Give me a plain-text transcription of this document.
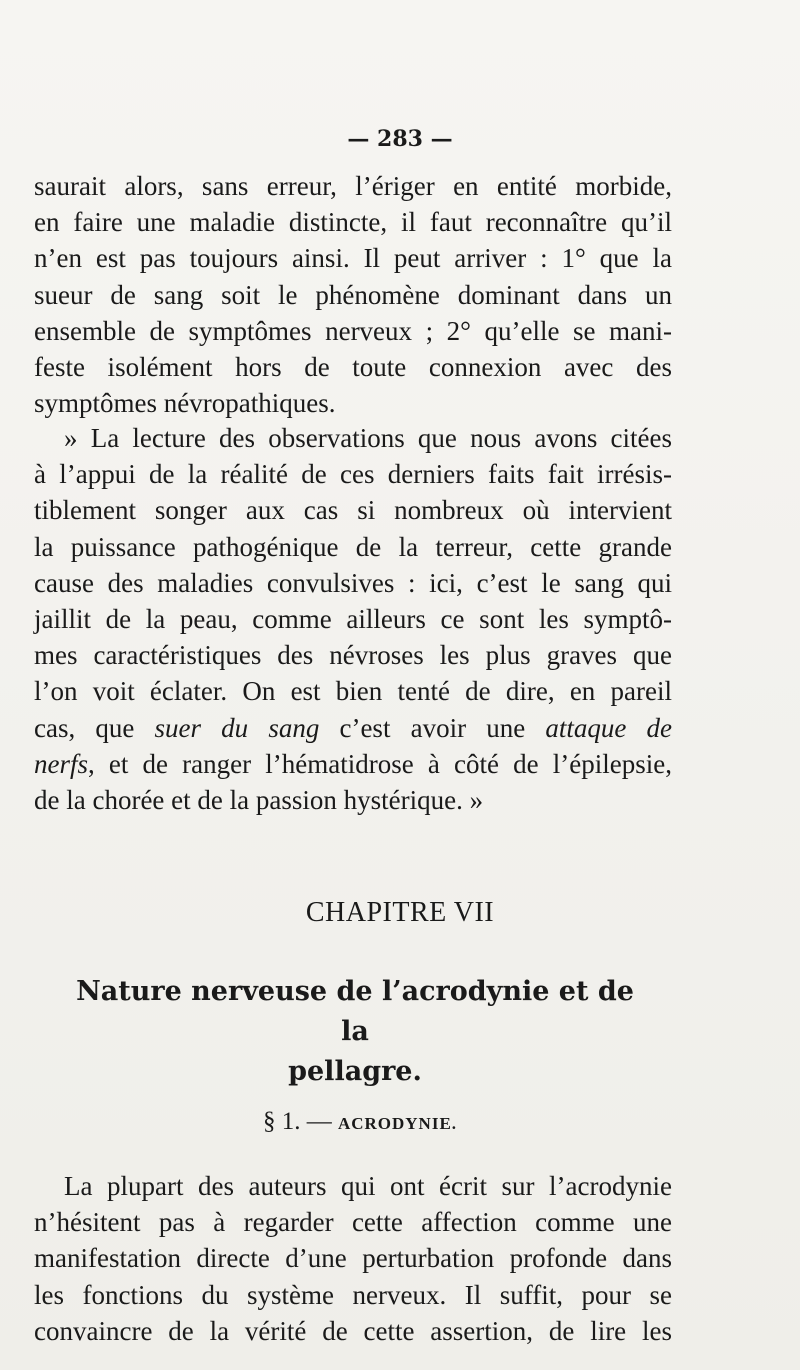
— 283 —
saurait alors, sans erreur, l’ériger en entité morbide,
en faire une maladie distincte, il faut reconnaître qu’il
n’en est pas toujours ainsi. Il peut arriver : 1° que la
sueur de sang soit le phénomène dominant dans un
ensemble de symptômes nerveux ; 2° qu’elle se mani-
feste isolément hors de toute connexion avec des
symptômes névropathiques.
» La lecture des observations que nous avons citées
à l’appui de la réalité de ces derniers faits fait irrésis-
tiblement songer aux cas si nombreux où intervient
la puissance pathogénique de la terreur, cette grande
cause des maladies convulsives : ici, c’est le sang qui
jaillit de la peau, comme ailleurs ce sont les symptô-
mes caractéristiques des névroses les plus graves que
l’on voit éclater. On est bien tenté de dire, en pareil
cas, que suer du sang c’est avoir une attaque de
nerfs, et de ranger l’hématidrose à côté de l’épilepsie,
de la chorée et de la passion hystérique. »
CHAPITRE VII
Nature nerveuse de l’acrodynie et de la
pellagre.
§ 1. — ACRODYNIE.
La plupart des auteurs qui ont écrit sur l’acrodynie
n’hésitent pas à regarder cette affection comme une
manifestation directe d’une perturbation profonde dans
les fonctions du système nerveux. Il suffit, pour se
convaincre de la vérité de cette assertion, de lire les
